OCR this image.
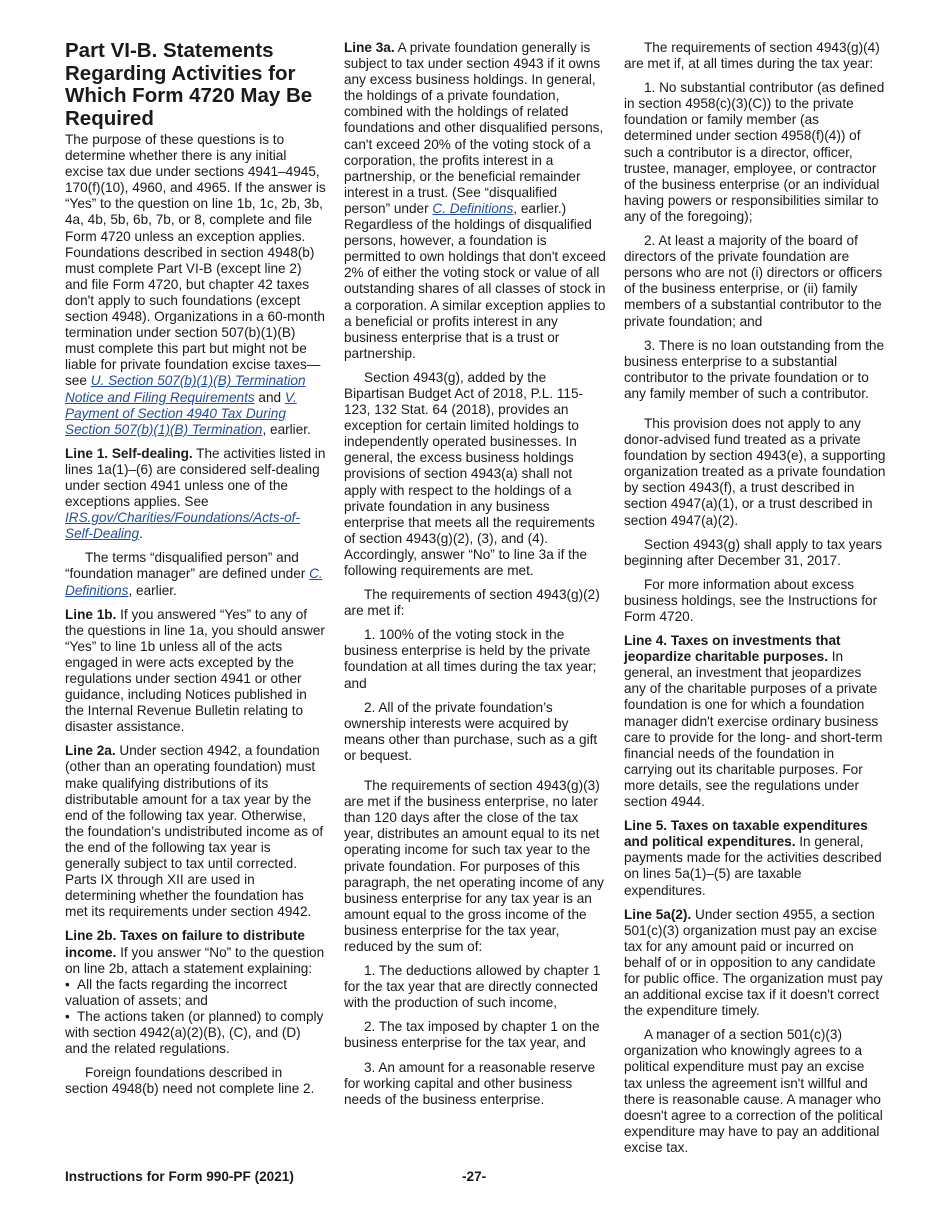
Part VI-B. Statements Regarding Activities for Which Form 4720 May Be Required

The purpose of these questions is to determine whether there is any initial excise tax due under sections 4941–4945, 170(f)(10), 4960, and 4965. If the answer is “Yes” to the question on line 1b, 1c, 2b, 3b, 4a, 4b, 5b, 6b, 7b, or 8, complete and file Form 4720 unless an exception applies. Foundations described in section 4948(b) must complete Part VI-B (except line 2) and file Form 4720, but chapter 42 taxes don't apply to such foundations (except section 4948). Organizations in a 60-month termination under section 507(b)(1)(B) must complete this part but might not be liable for private foundation excise taxes—see U. Section 507(b)(1)(B) Termination Notice and Filing Requirements and V. Payment of Section 4940 Tax During Section 507(b)(1)(B) Termination, earlier.

Line 1. Self-dealing. The activities listed in lines 1a(1)–(6) are considered self-dealing under section 4941 unless one of the exceptions applies. See IRS.gov/Charities/Foundations/Acts-of-Self-Dealing.

The terms “disqualified person” and “foundation manager” are defined under C. Definitions, earlier.

Line 1b. If you answered “Yes” to any of the questions in line 1a, you should answer “Yes” to line 1b unless all of the acts engaged in were acts excepted by the regulations under section 4941 or other guidance, including Notices published in the Internal Revenue Bulletin relating to disaster assistance.

Line 2a. Under section 4942, a foundation (other than an operating foundation) must make qualifying distributions of its distributable amount for a tax year by the end of the following tax year. Otherwise, the foundation’s undistributed income as of the end of the following tax year is generally subject to tax until corrected. Parts IX through XII are used in determining whether the foundation has met its requirements under section 4942.

Line 2b. Taxes on failure to distribute income. If you answer “No” to the question on line 2b, attach a statement explaining:

• All the facts regarding the incorrect valuation of assets; and

• The actions taken (or planned) to comply with section 4942(a)(2)(B), (C), and (D) and the related regulations.

Foreign foundations described in section 4948(b) need not complete line 2.

Line 3a. A private foundation generally is subject to tax under section 4943 if it owns any excess business holdings. In general, the holdings of a private foundation, combined with the holdings of related foundations and other disqualified persons, can't exceed 20% of the voting stock of a corporation, the profits interest in a partnership, or the beneficial remainder interest in a trust. (See “disqualified person” under C. Definitions, earlier.) Regardless of the holdings of disqualified persons, however, a foundation is permitted to own holdings that don't exceed 2% of either the voting stock or value of all outstanding shares of all classes of stock in a corporation. A similar exception applies to a beneficial or profits interest in any business enterprise that is a trust or partnership.

Section 4943(g), added by the Bipartisan Budget Act of 2018, P.L. 115-123, 132 Stat. 64 (2018), provides an exception for certain limited holdings to independently operated businesses. In general, the excess business holdings provisions of section 4943(a) shall not apply with respect to the holdings of a private foundation in any business enterprise that meets all the requirements of section 4943(g)(2), (3), and (4). Accordingly, answer “No” to line 3a if the following requirements are met.

The requirements of section 4943(g)(2) are met if:

1. 100% of the voting stock in the business enterprise is held by the private foundation at all times during the tax year; and

2. All of the private foundation’s ownership interests were acquired by means other than purchase, such as a gift or bequest.

The requirements of section 4943(g)(3) are met if the business enterprise, no later than 120 days after the close of the tax year, distributes an amount equal to its net operating income for such tax year to the private foundation. For purposes of this paragraph, the net operating income of any business enterprise for any tax year is an amount equal to the gross income of the business enterprise for the tax year, reduced by the sum of:

1. The deductions allowed by chapter 1 for the tax year that are directly connected with the production of such income,

2. The tax imposed by chapter 1 on the business enterprise for the tax year, and

3. An amount for a reasonable reserve for working capital and other business needs of the business enterprise.

The requirements of section 4943(g)(4) are met if, at all times during the tax year:

1. No substantial contributor (as defined in section 4958(c)(3)(C)) to the private foundation or family member (as determined under section 4958(f)(4)) of such a contributor is a director, officer, trustee, manager, employee, or contractor of the business enterprise (or an individual having powers or responsibilities similar to any of the foregoing);

2. At least a majority of the board of directors of the private foundation are persons who are not (i) directors or officers of the business enterprise, or (ii) family members of a substantial contributor to the private foundation; and

3. There is no loan outstanding from the business enterprise to a substantial contributor to the private foundation or to any family member of such a contributor.

This provision does not apply to any donor-advised fund treated as a private foundation by section 4943(e), a supporting organization treated as a private foundation by section 4943(f), a trust described in section 4947(a)(1), or a trust described in section 4947(a)(2).

Section 4943(g) shall apply to tax years beginning after December 31, 2017.

For more information about excess business holdings, see the Instructions for Form 4720.

Line 4. Taxes on investments that jeopardize charitable purposes. In general, an investment that jeopardizes any of the charitable purposes of a private foundation is one for which a foundation manager didn't exercise ordinary business care to provide for the long- and short-term financial needs of the foundation in carrying out its charitable purposes. For more details, see the regulations under section 4944.

Line 5. Taxes on taxable expenditures and political expenditures. In general, payments made for the activities described on lines 5a(1)–(5) are taxable expenditures.

Line 5a(2). Under section 4955, a section 501(c)(3) organization must pay an excise tax for any amount paid or incurred on behalf of or in opposition to any candidate for public office. The organization must pay an additional excise tax if it doesn't correct the expenditure timely.

A manager of a section 501(c)(3) organization who knowingly agrees to a political expenditure must pay an excise tax unless the agreement isn't willful and there is reasonable cause. A manager who doesn't agree to a correction of the political expenditure may have to pay an additional excise tax.

Instructions for Form 990-PF (2021)	-27-
